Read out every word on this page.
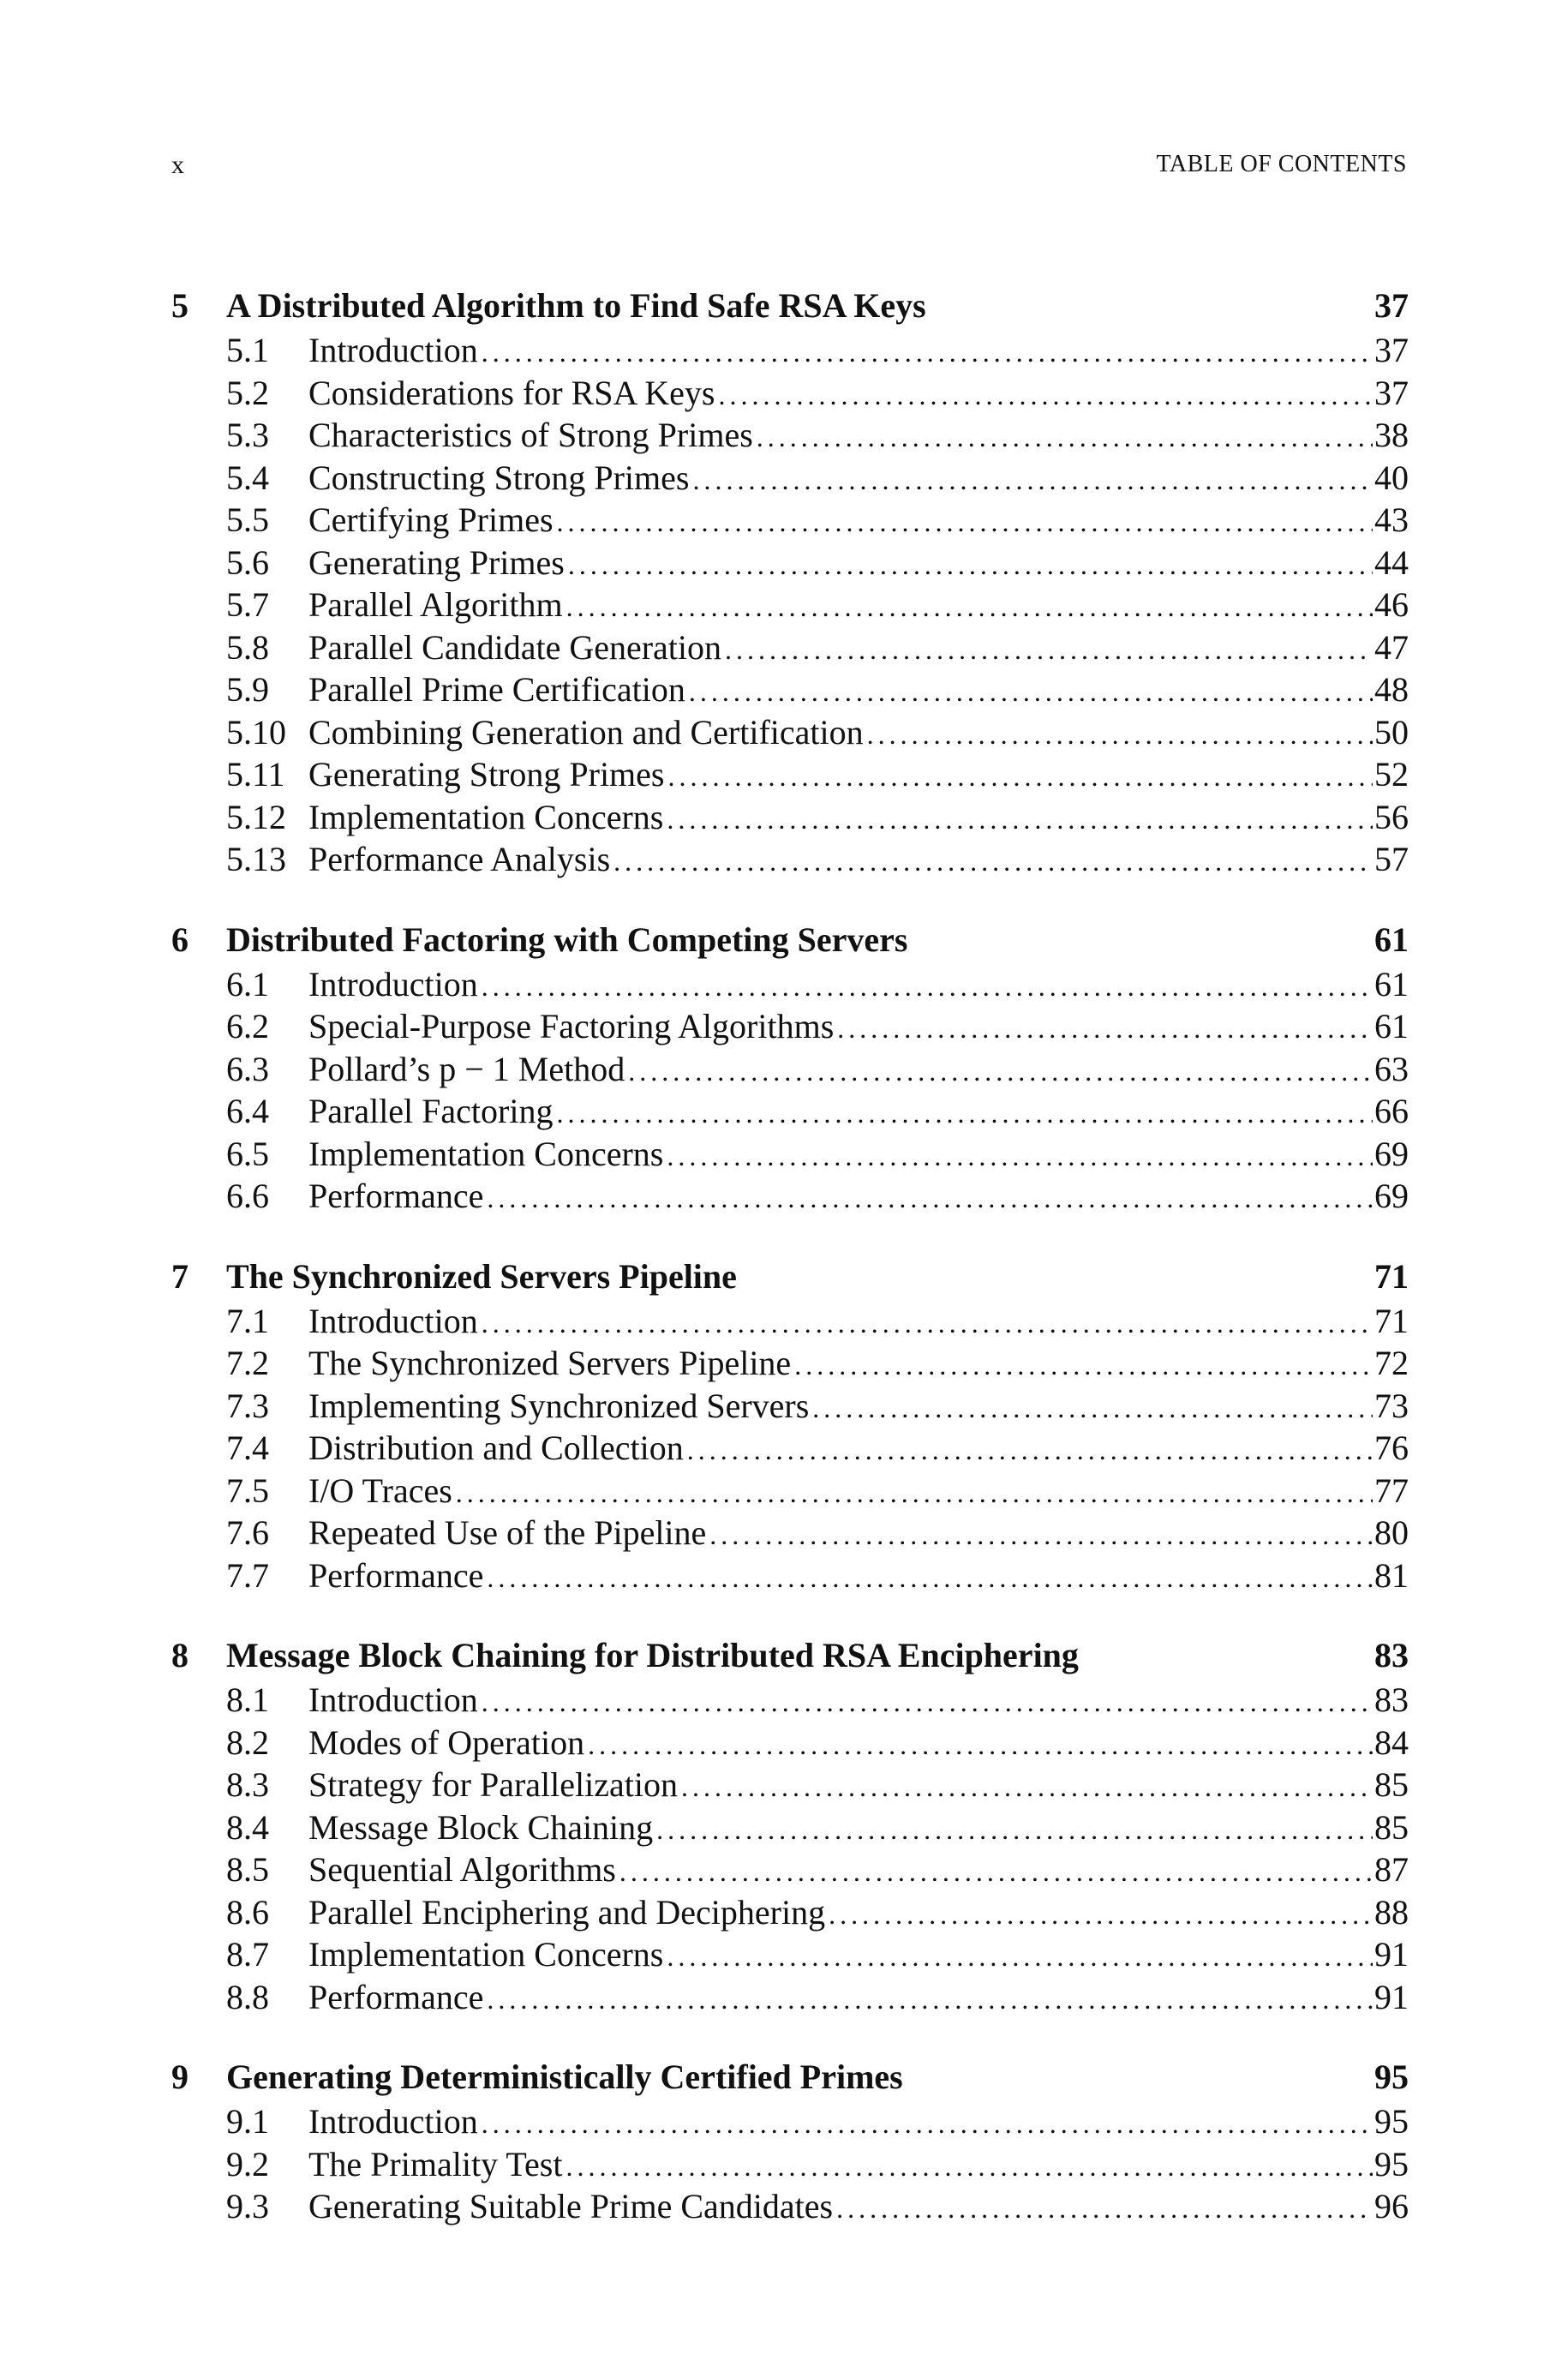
x	TABLE OF CONTENTS
5	A Distributed Algorithm to Find Safe RSA Keys	37
5.1	Introduction .....	37
5.2	Considerations for RSA Keys .....	37
5.3	Characteristics of Strong Primes .....	38
5.4	Constructing Strong Primes .....	40
5.5	Certifying Primes .....	43
5.6	Generating Primes .....	44
5.7	Parallel Algorithm .....	46
5.8	Parallel Candidate Generation .....	47
5.9	Parallel Prime Certification .....	48
5.10 Combining Generation and Certification .....	50
5.11 Generating Strong Primes .....	52
5.12 Implementation Concerns .....	56
5.13 Performance Analysis .....	57
6	Distributed Factoring with Competing Servers	61
6.1	Introduction .....	61
6.2	Special-Purpose Factoring Algorithms .....	61
6.3	Pollard’s p − 1 Method .....	63
6.4	Parallel Factoring .....	66
6.5	Implementation Concerns .....	69
6.6	Performance .....	69
7	The Synchronized Servers Pipeline	71
7.1	Introduction .....	71
7.2	The Synchronized Servers Pipeline .....	72
7.3	Implementing Synchronized Servers .....	73
7.4	Distribution and Collection .....	76
7.5	I/O Traces .....	77
7.6	Repeated Use of the Pipeline .....	80
7.7	Performance .....	81
8	Message Block Chaining for Distributed RSA Enciphering	83
8.1	Introduction .....	83
8.2	Modes of Operation .....	84
8.3	Strategy for Parallelization .....	85
8.4	Message Block Chaining .....	85
8.5	Sequential Algorithms .....	87
8.6	Parallel Enciphering and Deciphering .....	88
8.7	Implementation Concerns .....	91
8.8	Performance .....	91
9	Generating Deterministically Certified Primes	95
9.1	Introduction .....	95
9.2	The Primality Test .....	95
9.3	Generating Suitable Prime Candidates .....	96
